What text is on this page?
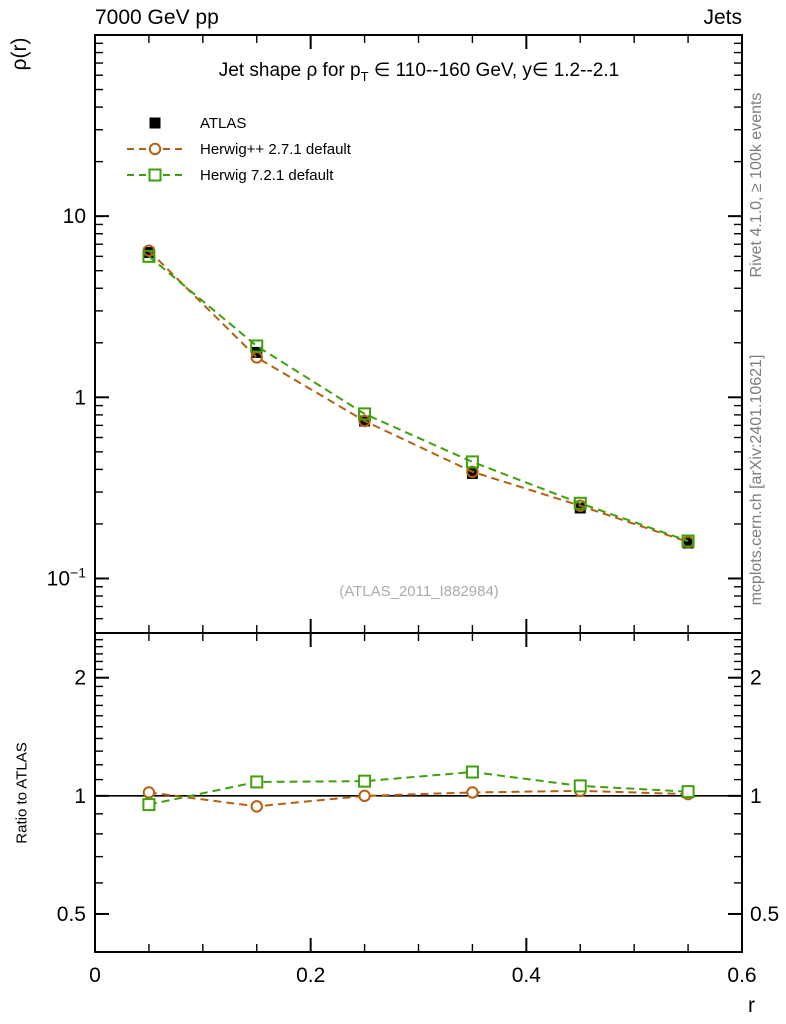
10
1
$10^{-1}$
2	2
1	1
0.5	0.5
0	0.2	0.4	0.6
7000 GeV pp	Jets
Jet shape ρ for $p_T$ ∈ 110--160 GeV, y∈ 1.2--2.1
ρ(r)
Ratio to ATLAS
Rivet 4.1.0, ≥ 100k events
mcplots.cern.ch [arXiv:2401.10621]
(ATLAS_2011_I882984)
r
ATLAS
Herwig++ 2.7.1 default
Herwig 7.2.1 default
